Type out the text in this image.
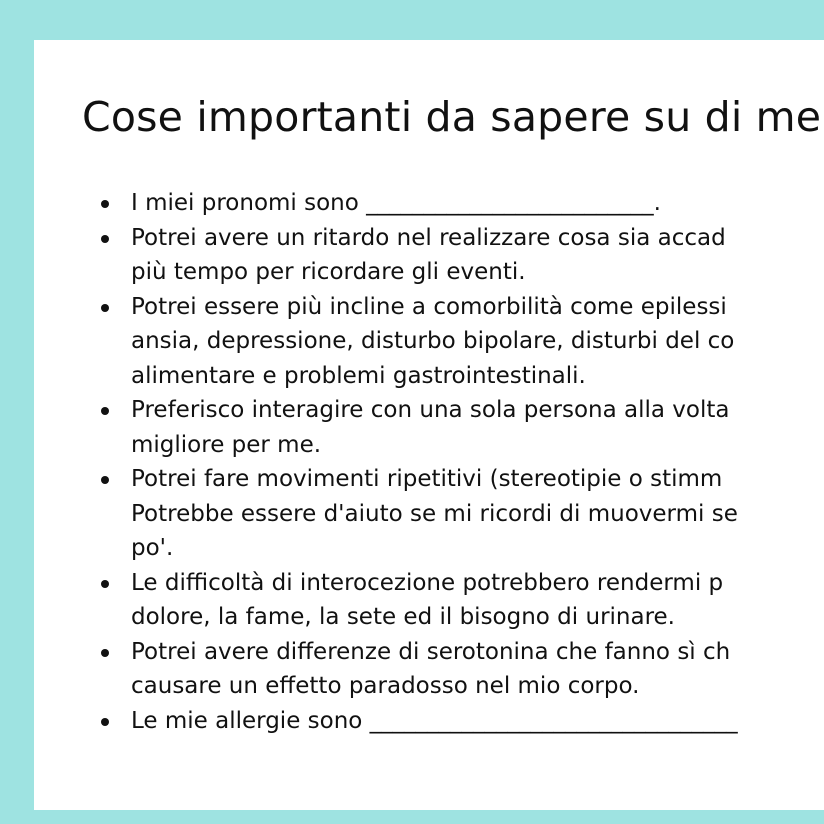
Cose importanti da sapere su di me
I miei pronomi sono _________________________.
Potrei avere un ritardo nel realizzare cosa sia accad
più tempo per ricordare gli eventi.
Potrei essere più incline a comorbilità come epilessi
ansia, depressione, disturbo bipolare, disturbi del co
alimentare e problemi gastrointestinali.
Preferisco interagire con una sola persona alla volta
migliore per me.
Potrei fare movimenti ripetitivi (stereotipie o stimm
Potrebbe essere d'aiuto se mi ricordi di muovermi se
po'.
Le difficoltà di interocezione potrebbero rendermi p
dolore, la fame, la sete ed il bisogno di urinare.
Potrei avere differenze di serotonina che fanno sì ch
causare un effetto paradosso nel mio corpo.
Le mie allergie sono ________________________________
